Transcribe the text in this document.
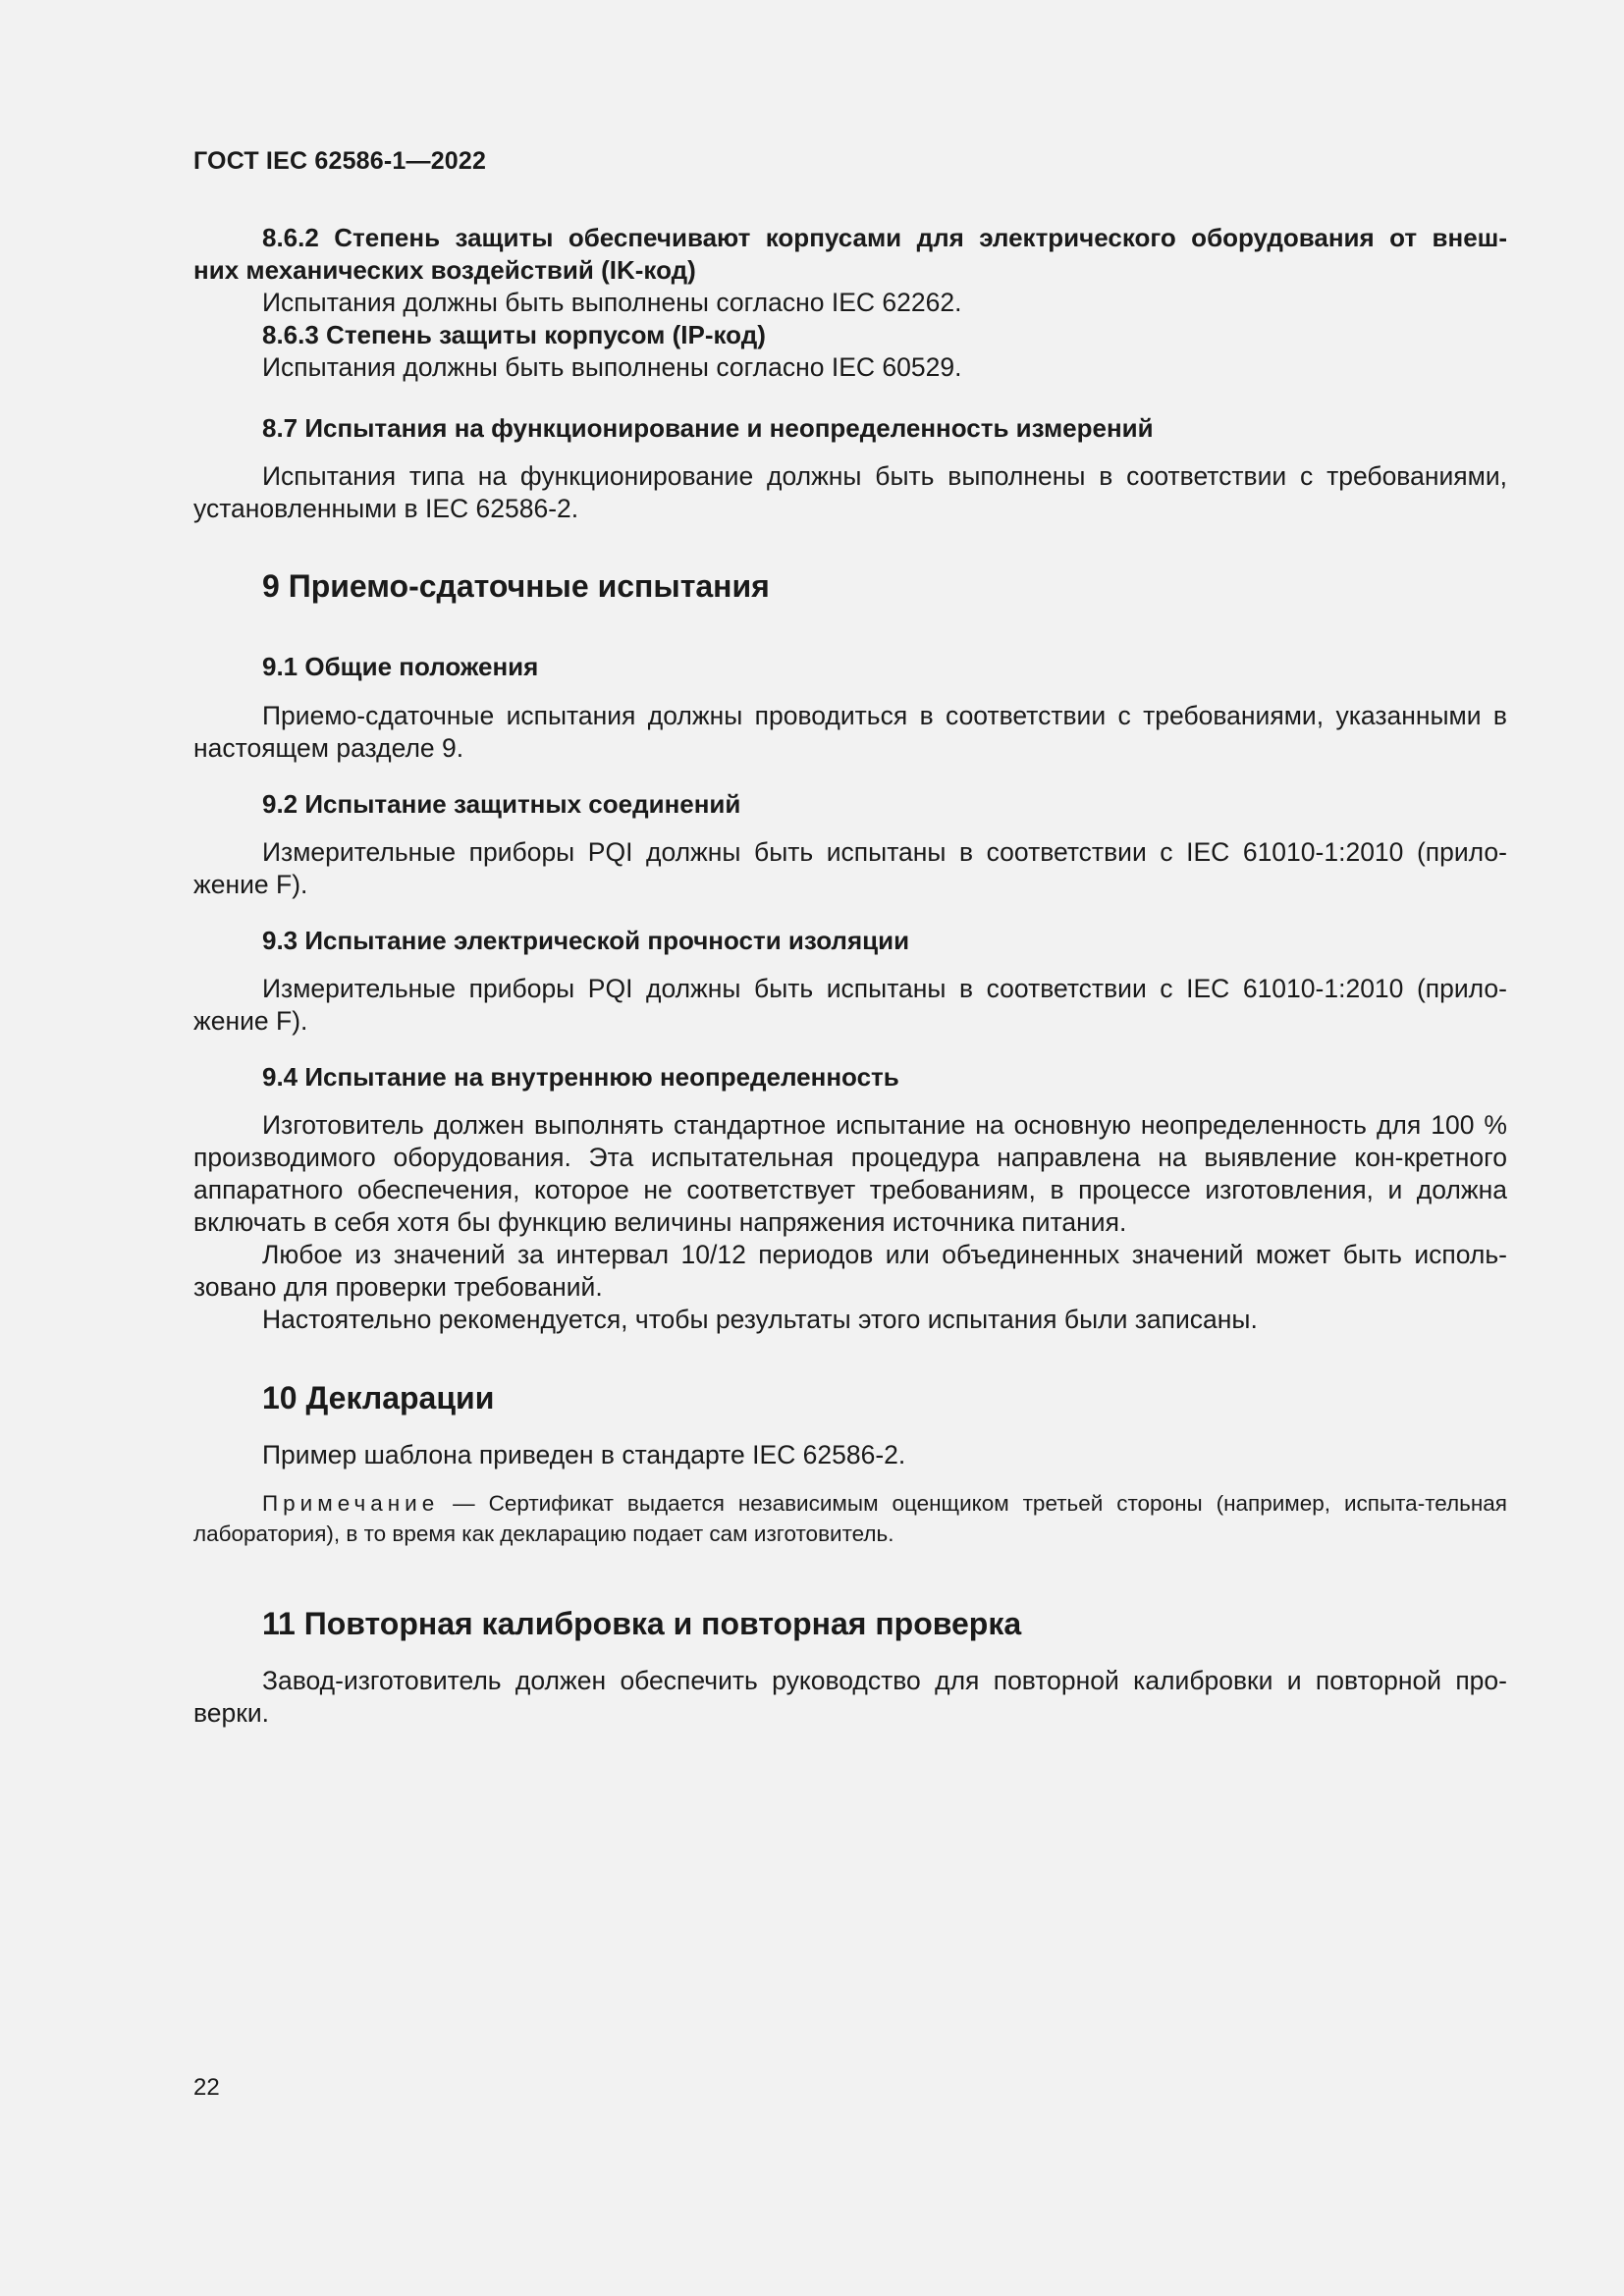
ГОСТ IEC 62586-1—2022

8.6.2 Степень защиты обеспечивают корпусами для электрического оборудования от внеш-

них механических воздействий (IK-код)

Испытания должны быть выполнены согласно IEC 62262.

8.6.3 Степень защиты корпусом (IP-код)

Испытания должны быть выполнены согласно IEC 60529.

8.7 Испытания на функционирование и неопределенность измерений

Испытания типа на функционирование должны быть выполнены в соответствии с требованиями, установленными в IEC 62586-2.

9 Приемо-сдаточные испытания

9.1 Общие положения

Приемо-сдаточные испытания должны проводиться в соответствии с требованиями, указанными в настоящем разделе 9.

9.2 Испытание защитных соединений

Измерительные приборы PQI должны быть испытаны в соответствии с IEC 61010-1:2010 (прило-жение F).

9.3 Испытание электрической прочности изоляции

Измерительные приборы PQI должны быть испытаны в соответствии с IEC 61010-1:2010 (прило-жение F).

9.4 Испытание на внутреннюю неопределенность

Изготовитель должен выполнять стандартное испытание на основную неопределенность для 100 % производимого оборудования. Эта испытательная процедура направлена на выявление кон-кретного аппаратного обеспечения, которое не соответствует требованиям, в процессе изготовления, и должна включать в себя хотя бы функцию величины напряжения источника питания.

Любое из значений за интервал 10/12 периодов или объединенных значений может быть исполь-зовано для проверки требований.

Настоятельно рекомендуется, чтобы результаты этого испытания были записаны.

10 Декларации

Пример шаблона приведен в стандарте IEC 62586-2.

Примечание — Сертификат выдается независимым оценщиком третьей стороны (например, испыта-тельная лаборатория), в то время как декларацию подает сам изготовитель.

11 Повторная калибровка и повторная проверка

Завод-изготовитель должен обеспечить руководство для повторной калибровки и повторной про-верки.

22
